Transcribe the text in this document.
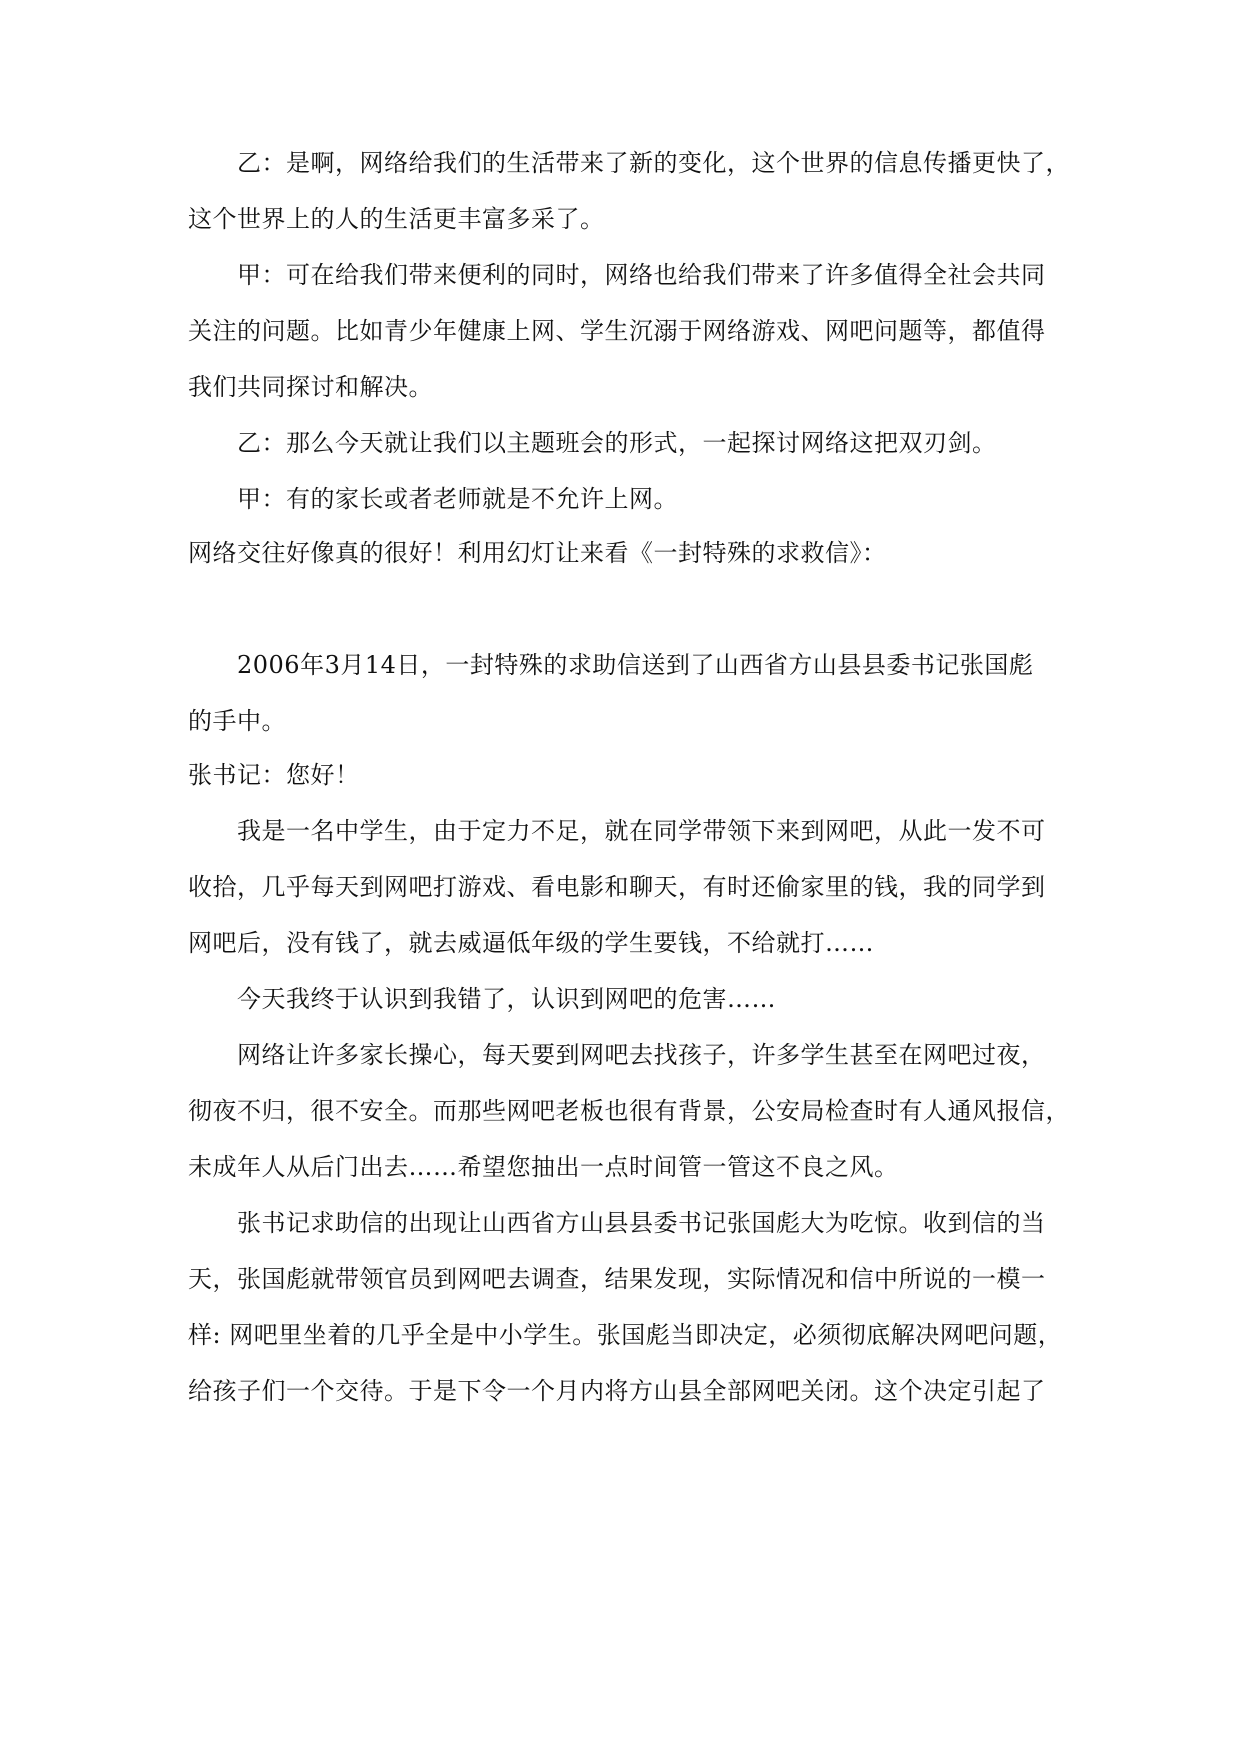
乙：是啊，网络给我们的生活带来了新的变化，这个世界的信息传播更快了，
这个世界上的人的生活更丰富多采了。
甲：可在给我们带来便利的同时，网络也给我们带来了许多值得全社会共同
关注的问题。比如青少年健康上网、学生沉溺于网络游戏、网吧问题等，都值得
我们共同探讨和解决。
乙：那么今天就让我们以主题班会的形式，一起探讨网络这把双刃剑。
甲：有的家长或者老师就是不允许上网。
网络交往好像真的很好！利用幻灯让来看《一封特殊的求救信》：
2006年3月14日，一封特殊的求助信送到了山西省方山县县委书记张国彪
的手中。
张书记：您好！
我是一名中学生，由于定力不足，就在同学带领下来到网吧，从此一发不可
收拾，几乎每天到网吧打游戏、看电影和聊天，有时还偷家里的钱，我的同学到
网吧后，没有钱了，就去威逼低年级的学生要钱，不给就打……
今天我终于认识到我错了，认识到网吧的危害……
网络让许多家长操心，每天要到网吧去找孩子，许多学生甚至在网吧过夜，
彻夜不归，很不安全。而那些网吧老板也很有背景，公安局检查时有人通风报信，
未成年人从后门出去……希望您抽出一点时间管一管这不良之风。
张书记求助信的出现让山西省方山县县委书记张国彪大为吃惊。收到信的当
天，张国彪就带领官员到网吧去调查，结果发现，实际情况和信中所说的一模一
样: 网吧里坐着的几乎全是中小学生。张国彪当即决定，必须彻底解决网吧问题，
给孩子们一个交待。于是下令一个月内将方山县全部网吧关闭。这个决定引起了
